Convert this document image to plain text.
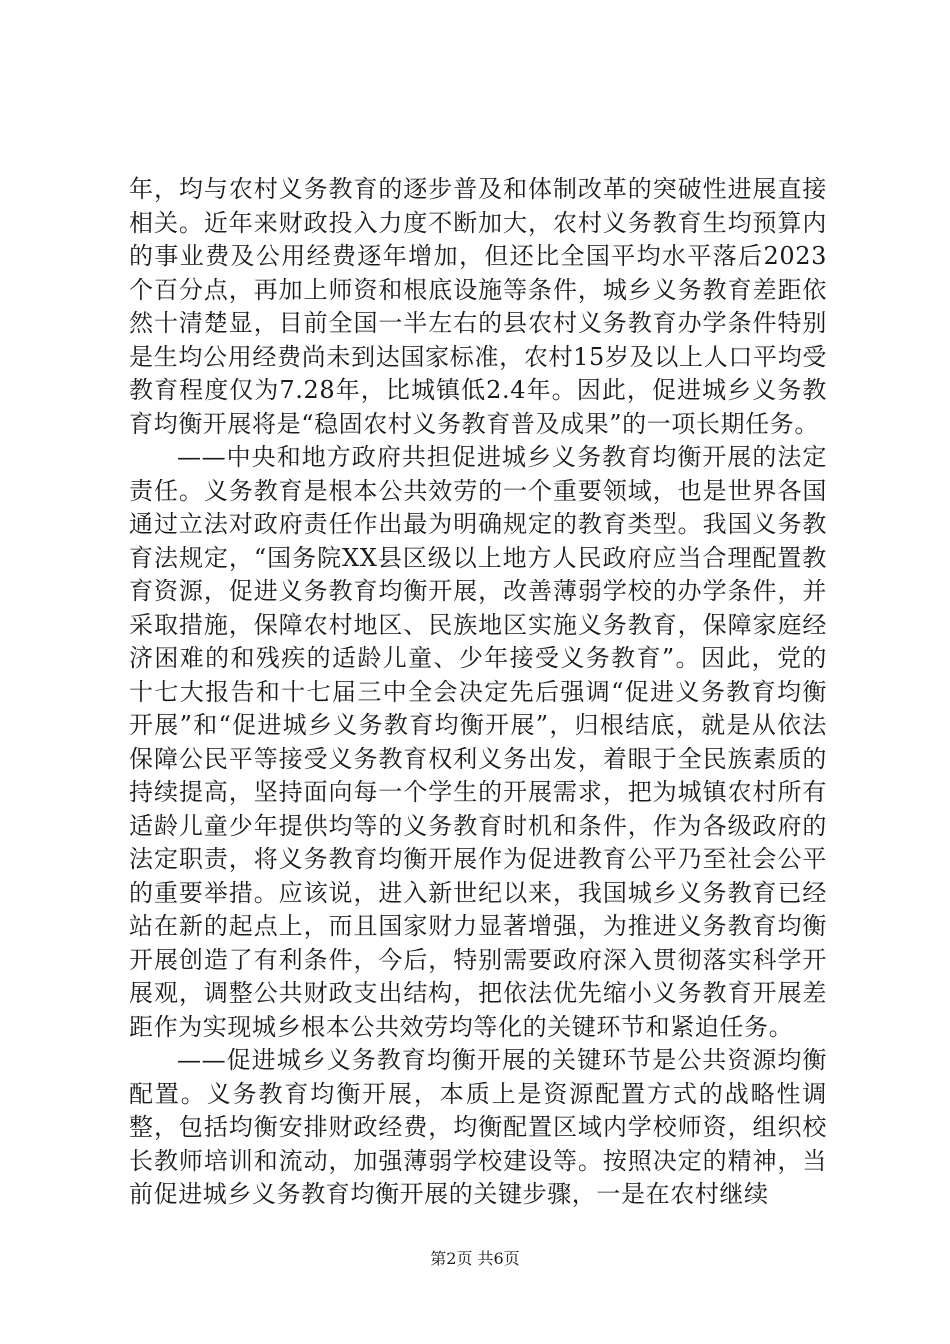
年，均与农村义务教育的逐步普及和体制改革的突破性进展直接相关。近年来财政投入力度不断加大，农村义务教育生均预算内的事业费及公用经费逐年增加，但还比全国平均水平落后2023个百分点，再加上师资和根底设施等条件，城乡义务教育差距依然十清楚显，目前全国一半左右的县农村义务教育办学条件特别是生均公用经费尚未到达国家标准，农村15岁及以上人口平均受教育程度仅为7.28年，比城镇低2.4年。因此，促进城乡义务教育均衡开展将是“稳固农村义务教育普及成果”的一项长期任务。

——中央和地方政府共担促进城乡义务教育均衡开展的法定责任。义务教育是根本公共效劳的一个重要领域，也是世界各国通过立法对政府责任作出最为明确规定的教育类型。我国义务教育法规定，“国务院XX县区级以上地方人民政府应当合理配置教育资源，促进义务教育均衡开展，改善薄弱学校的办学条件，并采取措施，保障农村地区、民族地区实施义务教育，保障家庭经济困难的和残疾的适龄儿童、少年接受义务教育”。因此，党的十七大报告和十七届三中全会决定先后强调“促进义务教育均衡开展”和“促进城乡义务教育均衡开展”，归根结底，就是从依法保障公民平等接受义务教育权利义务出发，着眼于全民族素质的持续提高，坚持面向每一个学生的开展需求，把为城镇农村所有适龄儿童少年提供均等的义务教育时机和条件，作为各级政府的法定职责，将义务教育均衡开展作为促进教育公平乃至社会公平的重要举措。应该说，进入新世纪以来，我国城乡义务教育已经站在新的起点上，而且国家财力显著增强，为推进义务教育均衡开展创造了有利条件，今后，特别需要政府深入贯彻落实科学开展观，调整公共财政支出结构，把依法优先缩小义务教育开展差距作为实现城乡根本公共效劳均等化的关键环节和紧迫任务。

——促进城乡义务教育均衡开展的关键环节是公共资源均衡配置。义务教育均衡开展，本质上是资源配置方式的战略性调整，包括均衡安排财政经费，均衡配置区域内学校师资，组织校长教师培训和流动，加强薄弱学校建设等。按照决定的精神，当前促进城乡义务教育均衡开展的关键步骤，一是在农村继续

第2页 共6页
